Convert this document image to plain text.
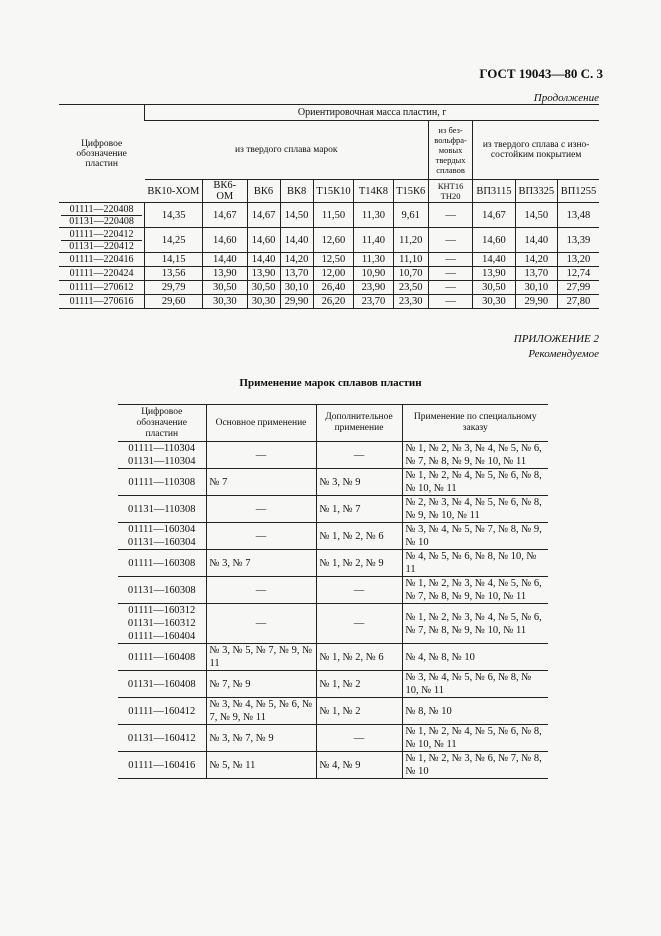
ГОСТ 19043—80 С. 3
Продолжение
Цифровое обозначение пластин	Ориентировочная масса пластин, г										
	из твердого сплава марок							из без-вольфра-мовых твердых сплавов	из твердого сплава с изно-состойким покрытием		
	ВК10-ХОМ	ВК6-ОМ	ВК6	ВК8	Т15К10	Т14К8	Т15К6	КНТ16 ТН20	ВП3115	ВП3325	ВП1255

01111—220408
01131—220408	14,35	14,67	14,67	14,50	11,50	11,30	9,61	—	14,67	14,50	13,48

01111—220412
01131—220412	14,25	14,60	14,60	14,40	12,60	11,40	11,20	—	14,60	14,40	13,39

01111—220416	14,15	14,40	14,40	14,20	12,50	11,30	11,10	—	14,40	14,20	13,20

01111—220424	13,56	13,90	13,90	13,70	12,00	10,90	10,70	—	13,90	13,70	12,74

01111—270612	29,79	30,50	30,50	30,10	26,40	23,90	23,50	—	30,50	30,10	27,99

01111—270616	29,60	30,30	30,30	29,90	26,20	23,70	23,30	—	30,30	29,90	27,80
ПРИЛОЖЕНИЕ 2
Рекомендуемое
Применение марок сплавов пластин
Цифровое обозначение пластин	Основное применение	Дополнительное применение	Применение по специальному заказу

01111—110304
01131—110304	—	—	№ 1, № 2, № 3, № 4, № 5, № 6, № 7, № 8, № 9, № 10, № 11

01111—110308	№ 7	№ 3, № 9	№ 1, № 2, № 4, № 5, № 6, № 8, № 10, № 11

01131—110308	—	№ 1, № 7	№ 2, № 3, № 4, № 5, № 6, № 8, № 9, № 10, № 11

01111—160304
01131—160304	—	№ 1, № 2, № 6	№ 3, № 4, № 5, № 7, № 8, № 9, № 10

01111—160308	№ 3, № 7	№ 1, № 2, № 9	№ 4, № 5, № 6, № 8, № 10, № 11

01131—160308	—	—	№ 1, № 2, № 3, № 4, № 5, № 6, № 7, № 8, № 9, № 10, № 11

01111—160312
01131—160312
01111—160404	—	—	№ 1, № 2, № 3, № 4, № 5, № 6, № 7, № 8, № 9, № 10, № 11

01111—160408	№ 3, № 5, № 7, № 9, № 11	№ 1, № 2, № 6	№ 4, № 8, № 10

01131—160408	№ 7, № 9	№ 1, № 2	№ 3, № 4, № 5, № 6, № 8, № 10, № 11

01111—160412	№ 3, № 4, № 5, № 6, № 7, № 9, № 11	№ 1, № 2	№ 8, № 10

01131—160412	№ 3, № 7, № 9	—	№ 1, № 2, № 4, № 5, № 6, № 8, № 10, № 11

01111—160416	№ 5, № 11	№ 4, № 9	№ 1, № 2, № 3, № 6, № 7, № 8, № 10
